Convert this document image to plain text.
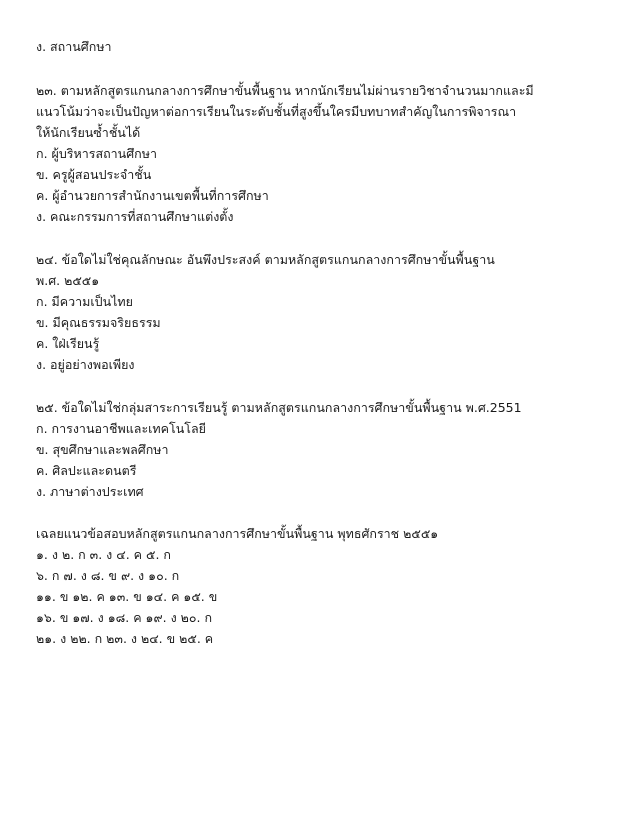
ง. สถานศึกษา
๒๓. ตามหลักสูตรแกนกลางการศึกษาขั้นพื้นฐาน หากนักเรียนไม่ผ่านรายวิชาจำนวนมากและมี
แนวโน้มว่าจะเป็นปัญหาต่อการเรียนในระดับชั้นที่สูงขึ้นใครมีบทบาทสำคัญในการพิจารณา
ให้นักเรียนซ้ำชั้นได้
ก. ผู้บริหารสถานศึกษา
ข. ครูผู้สอนประจำชั้น
ค. ผู้อำนวยการสำนักงานเขตพื้นที่การศึกษา
ง. คณะกรรมการที่สถานศึกษาแต่งตั้ง
๒๔. ข้อใดไม่ใช่คุณลักษณะ อันพึงประสงค์ ตามหลักสูตรแกนกลางการศึกษาขั้นพื้นฐาน
พ.ศ. ๒๕๕๑
ก. มีความเป็นไทย
ข. มีคุณธรรมจริยธรรม
ค. ใฝ่เรียนรู้
ง. อยู่อย่างพอเพียง
๒๕. ข้อใดไม่ใช่กลุ่มสาระการเรียนรู้ ตามหลักสูตรแกนกลางการศึกษาขั้นพื้นฐาน พ.ศ.2551
ก. การงานอาชีพและเทคโนโลยี
ข. สุขศึกษาและพลศึกษา
ค. ศิลปะและดนตรี
ง. ภาษาต่างประเทศ
เฉลยแนวข้อสอบหลักสูตรแกนกลางการศึกษาขั้นพื้นฐาน พุทธศักราช ๒๕๕๑
๑. ง ๒. ก ๓. ง ๔. ค ๕. ก
๖. ก ๗. ง ๘. ข ๙. ง ๑๐. ก
๑๑. ข ๑๒. ค ๑๓. ข ๑๔. ค ๑๕. ข
๑๖. ข ๑๗. ง ๑๘. ค ๑๙. ง ๒๐. ก
๒๑. ง ๒๒. ก ๒๓. ง ๒๔. ข ๒๕. ค
